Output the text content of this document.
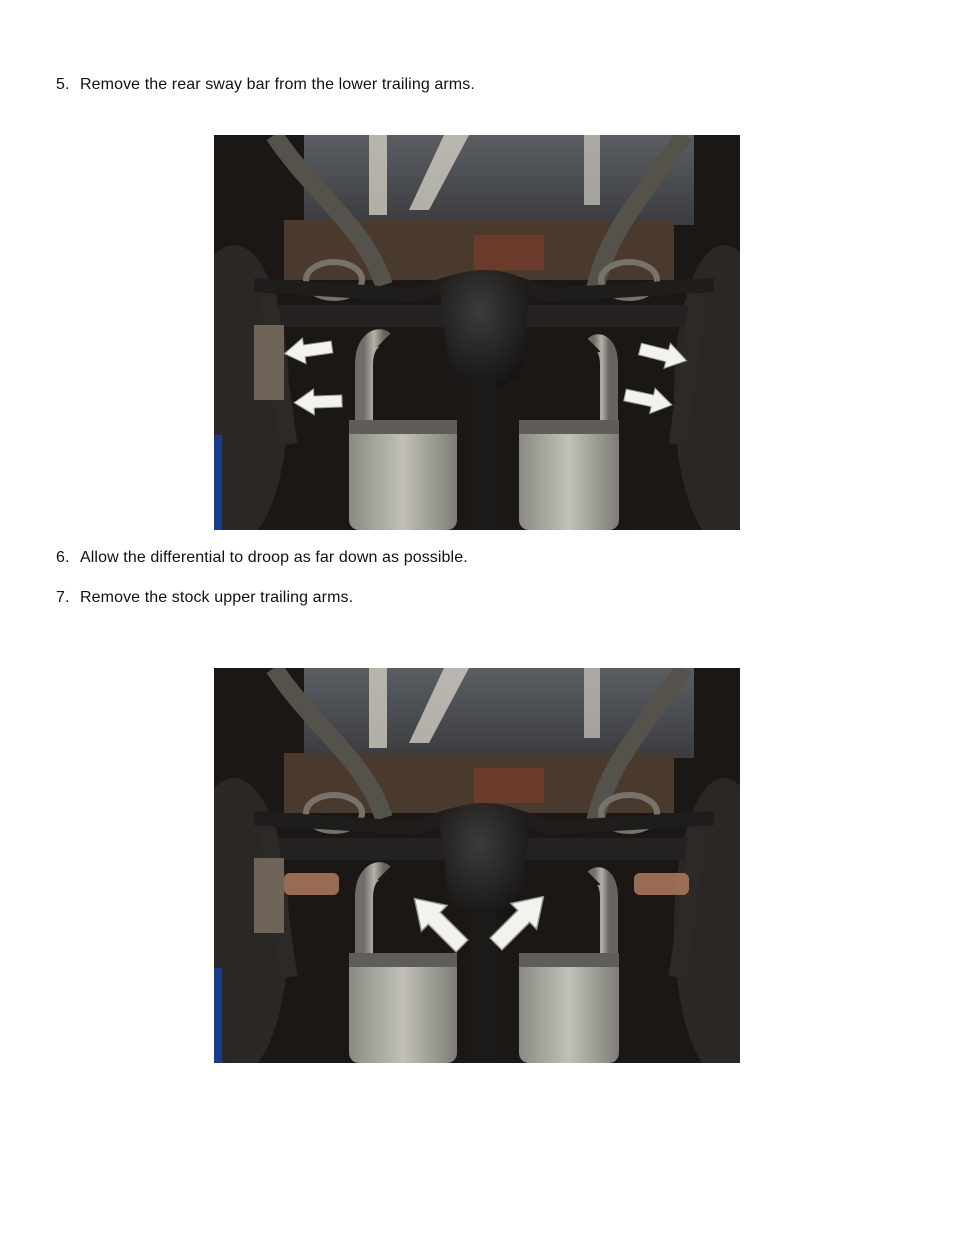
5. Remove the rear sway bar from the lower trailing arms.
6. Allow the differential to droop as far down as possible.
7. Remove the stock upper trailing arms.
